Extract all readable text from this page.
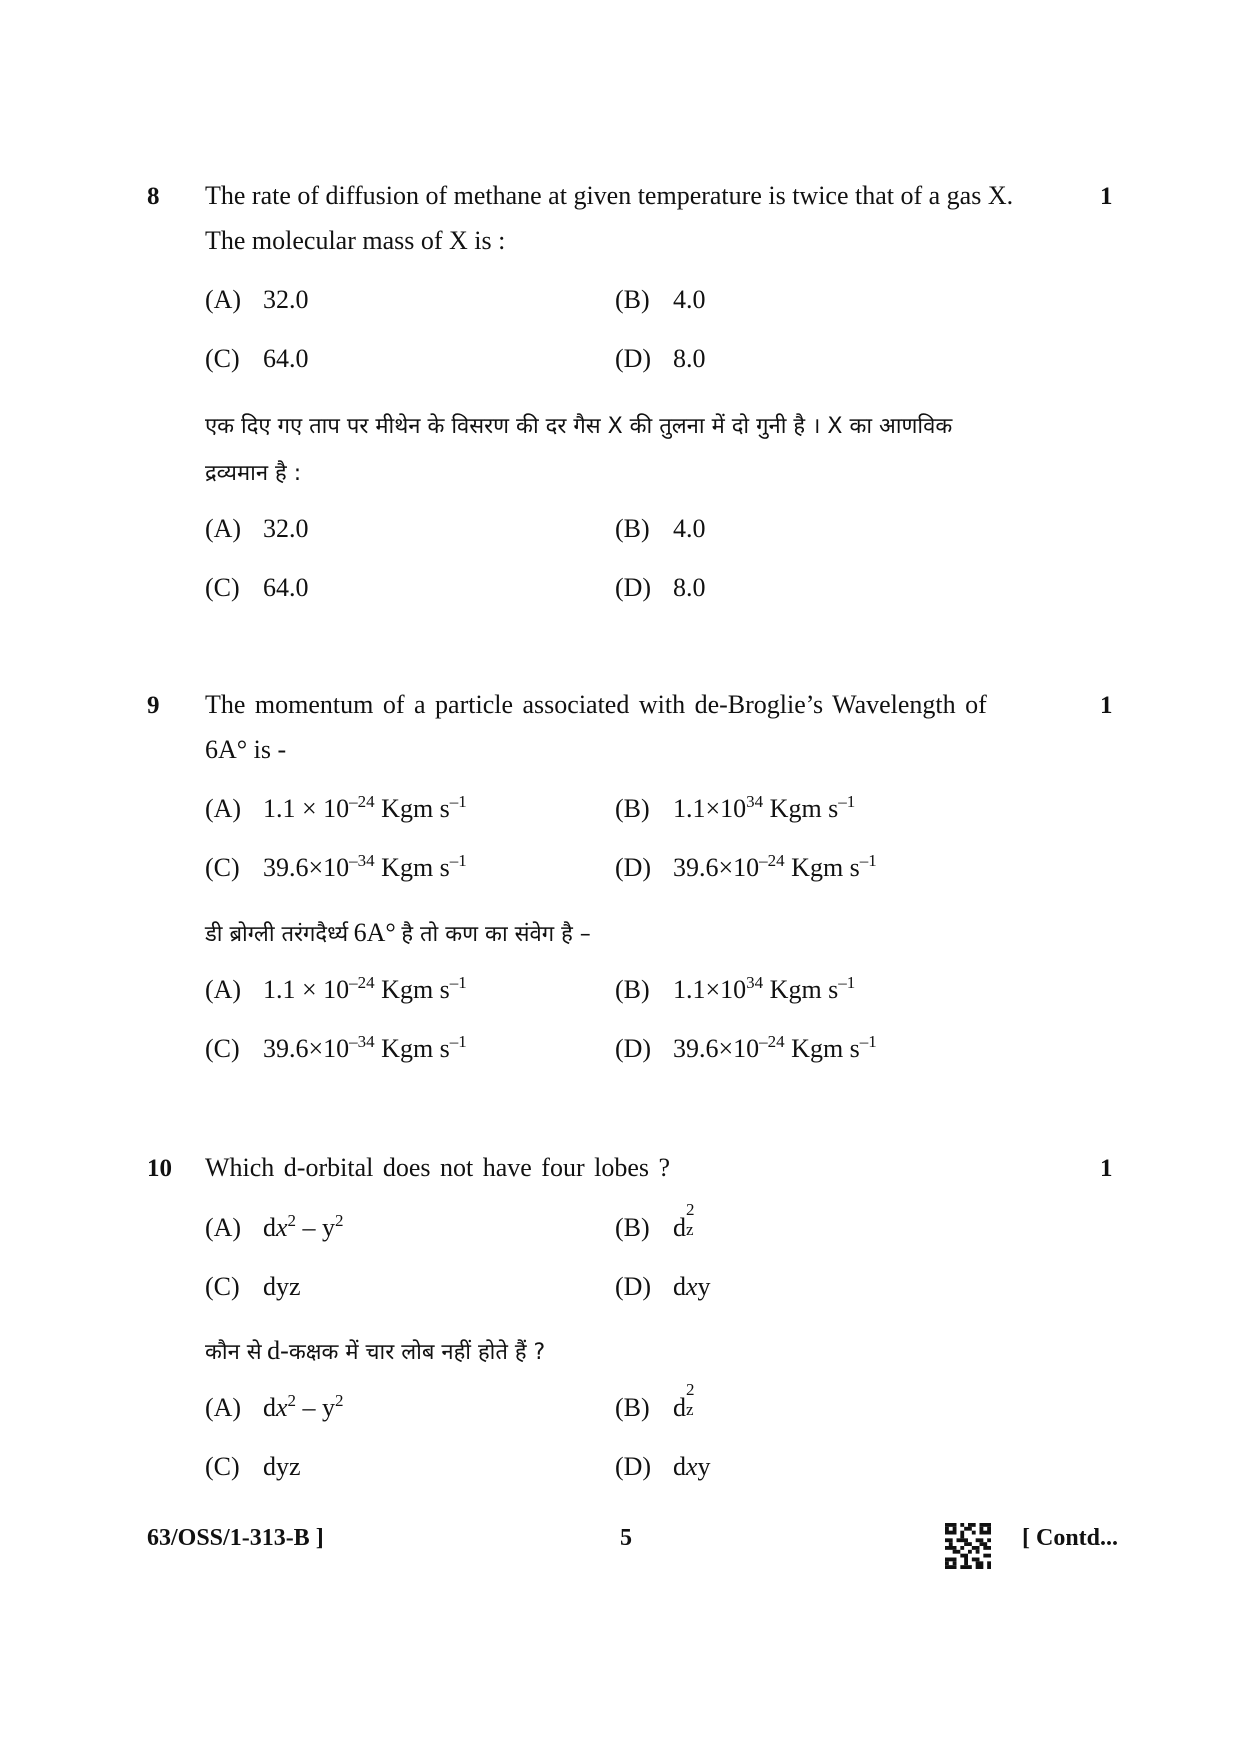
8 The rate of diffusion of methane at given temperature is twice that of a gas X.	1
The molecular mass of X is :
(A) 32.0	(B) 4.0
(C) 64.0	(D) 8.0
एक दिए गए ताप पर मीथेन के विसरण की दर गैस X की तुलना में दो गुनी है । X का आणविक
द्रव्यमान है :
(A) 32.0	(B) 4.0
(C) 64.0	(D) 8.0
9 The momentum of a particle associated with de-Broglie’s Wavelength of	1
6A° is -
(A) $1.1 \times 10^{-24}$ Kgm $s^{-1}$	(B) $1.1\times 10^{34}$ Kgm $s^{-1}$
(C) $39.6\times 10^{-34}$ Kgm $s^{-1}$	(D) $39.6\times 10^{-24}$ Kgm $s^{-1}$
डी ब्रोग्ली तरंगदैर्ध्य 6A° है तो कण का संवेग है –
(A) $1.1 \times 10^{-24}$ Kgm $s^{-1}$	(B) $1.1\times 10^{34}$ Kgm $s^{-1}$
(C) $39.6\times 10^{-34}$ Kgm $s^{-1}$	(D) $39.6\times 10^{-24}$ Kgm $s^{-1}$
10 Which d-orbital does not have four lobes ?	1
(A) $dx^2 - y^2$	(B) d
2
z
(C) dyz	(D) dxy
कौन से d-कक्षक में चार लोब नहीं होते हैं ?
(A) $dx^2 - y^2$	(B) d
2
z
(C) dyz	(D) dxy
63/OSS/1-313-B ]	5	[ Contd...
